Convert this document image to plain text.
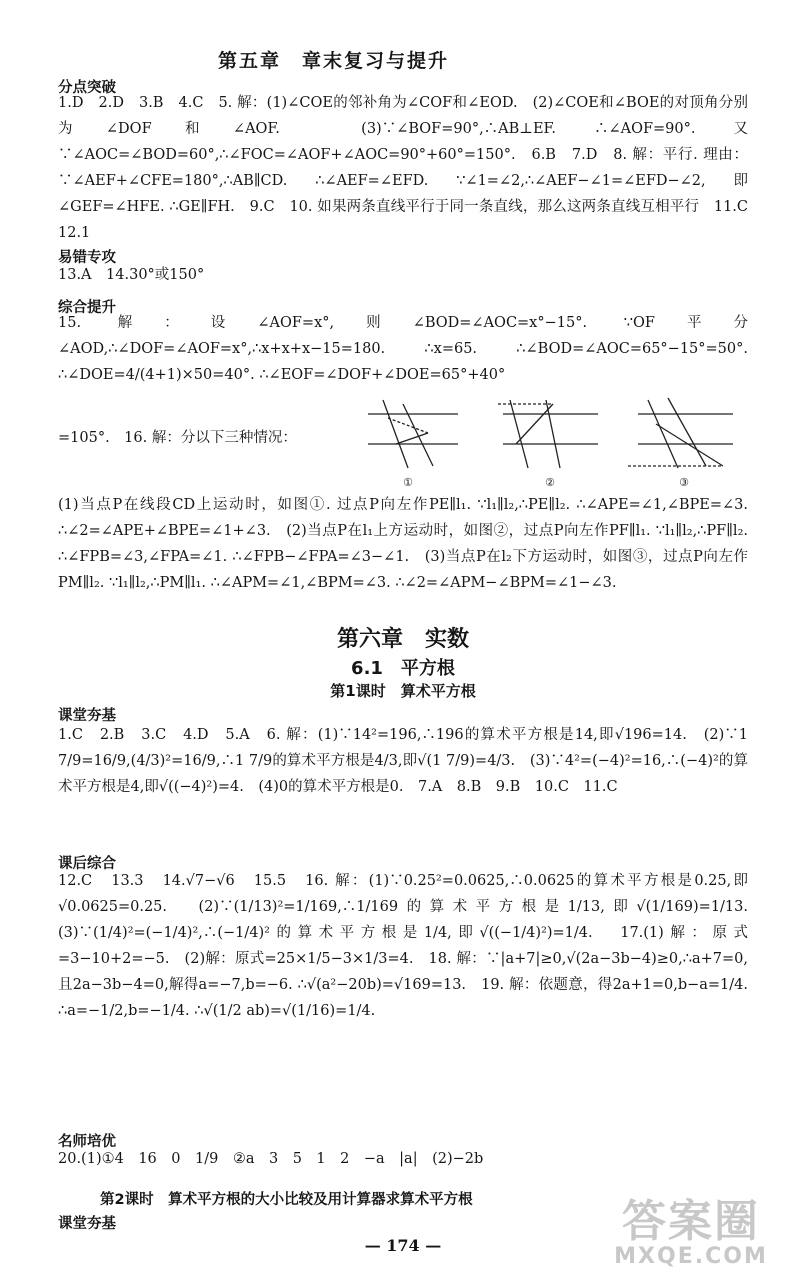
第五章　章末复习与提升
分点突破

1.D　2.D　3.B　4.C　5. 解：(1)∠COE的邻补角为∠COF和∠EOD.　(2)∠COE和∠BOE的对顶角分别为∠DOF和∠AOF.　(3)∵∠BOF=90°,∴AB⊥EF. ∴∠AOF=90°. 又∵∠AOC=∠BOD=60°,∴∠FOC=∠AOF+∠AOC=90°+60°=150°.　6.B　7.D　8. 解：平行. 理由：∵∠AEF+∠CFE=180°,∴AB∥CD. ∴∠AEF=∠EFD. ∵∠1=∠2,∴∠AEF−∠1=∠EFD−∠2, 即∠GEF=∠HFE. ∴GE∥FH.　9.C　10. 如果两条直线平行于同一条直线，那么这两条直线互相平行　11.C　12.1

易错专攻

13.A　14.30°或150°

综合提升

15. 解：设∠AOF=x°,则∠BOD=∠AOC=x°−15°. ∵OF平分∠AOD,∴∠DOF=∠AOF=x°,∴x+x+x−15=180. ∴x=65. ∴∠BOD=∠AOC=65°−15°=50°. ∴∠DOE=4/(4+1)×50=40°. ∴∠EOF=∠DOF+∠DOE=65°+40°

=105°.　16. 解：分以下三种情况：
①	②	③

(1)当点P在线段CD上运动时，如图①. 过点P向左作PE∥l₁. ∵l₁∥l₂,∴PE∥l₂. ∴∠APE=∠1,∠BPE=∠3. ∴∠2=∠APE+∠BPE=∠1+∠3.　(2)当点P在l₁上方运动时，如图②，过点P向左作PF∥l₁. ∵l₁∥l₂,∴PF∥l₂. ∴∠FPB=∠3,∠FPA=∠1. ∴∠FPB−∠FPA=∠3−∠1.　(3)当点P在l₂下方运动时，如图③，过点P向左作PM∥l₂. ∵l₁∥l₂,∴PM∥l₁. ∴∠APM=∠1,∠BPM=∠3. ∴∠2=∠APM−∠BPM=∠1−∠3.

第六章　实数
6.1　平方根
第1课时　算术平方根
课堂夯基

1.C　2.B　3.C　4.D　5.A　6. 解：(1)∵14²=196,∴196的算术平方根是14,即√196=14.　(2)∵1 7/9=16/9,(4/3)²=16/9,∴1 7/9的算术平方根是4/3,即√(1 7/9)=4/3.　(3)∵4²=(−4)²=16,∴(−4)²的算术平方根是4,即√((−4)²)=4.　(4)0的算术平方根是0.　7.A　8.B　9.B　10.C　11.C

课后综合

12.C　13.3　14.√7−√6　15.5　16. 解：(1)∵0.25²=0.0625,∴0.0625的算术平方根是0.25,即√0.0625=0.25.　(2)∵(1/13)²=1/169,∴1/169的算术平方根是1/13,即√(1/169)=1/13.　(3)∵(1/4)²=(−1/4)²,∴(−1/4)²的算术平方根是1/4,即√((−1/4)²)=1/4.　17.(1)解：原式=3−10+2=−5.　(2)解：原式=25×1/5−3×1/3=4.　18. 解：∵|a+7|≥0,√(2a−3b−4)≥0,∴a+7=0,且2a−3b−4=0,解得a=−7,b=−6. ∴√(a²−20b)=√169=13.　19. 解：依题意，得2a+1=0,b−a=1/4. ∴a=−1/2,b=−1/4. ∴√(1/2 ab)=√(1/16)=1/4.

名师培优

20.(1)①4　16　0　1/9　②a　3　5　1　2　−a　|a|　(2)−2b

第2课时　算术平方根的大小比较及用计算器求算术平方根
课堂夯基
— 174 —	答案圈
MXQE.COM
